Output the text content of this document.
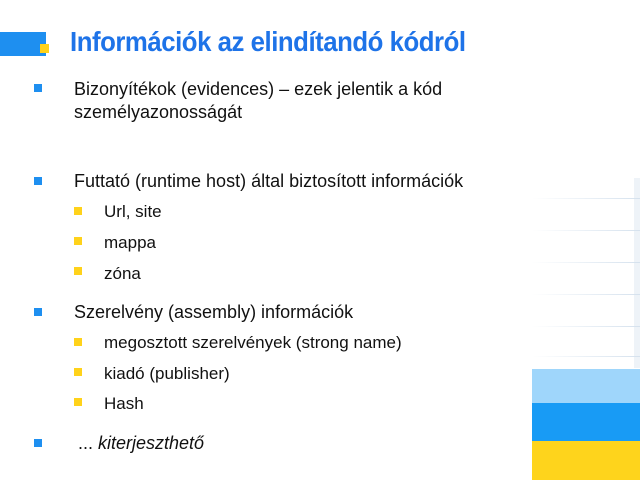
Információk az elindítandó kódról
Bizonyítékok (evidences) – ezek jelentik a kód
személyazonosságát
Futtató (runtime host) által biztosított információk
Url, site
mappa
zóna
Szerelvény (assembly) információk
megosztott szerelvények (strong name)
kiadó (publisher)
Hash
... kiterjeszthető
